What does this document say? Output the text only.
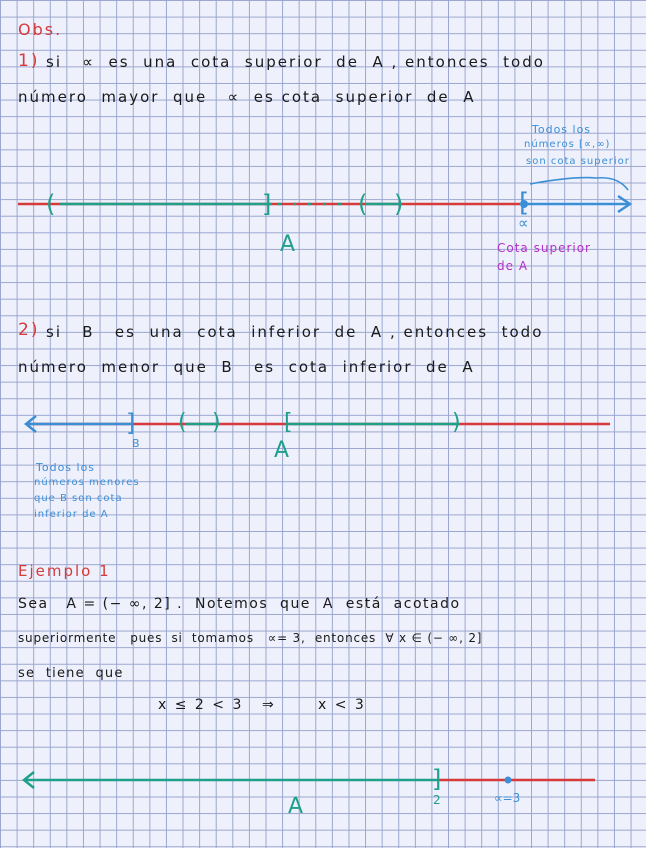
Obs.
1) si   ∝  es  una  cota  superior  de  A , entonces  todo
número  mayor  que   ∝  es cota  superior  de  A
Todos los
números [∝,∞)
son cota superior
(	]	( )	[
A
∝
Cota superior
de A
2) si   B   es  una  cota  inferior  de  A , entonces  todo
número  menor  que  B   es  cota  inferior  de  A
]
B
( )	[	)
A
Todos los
números menores
que B son cota
inferior de A
Ejemplo 1
Sea   A = (− ∞, 2] .  Notemos  que  A  está  acotado
superiormente   pues  si  tomamos   ∝= 3,  entonces  ∀ x ∈ (− ∞, 2]
se  tiene  que
x ≤ 2 < 3 ⇒	x < 3
]
2
A	∝=3
